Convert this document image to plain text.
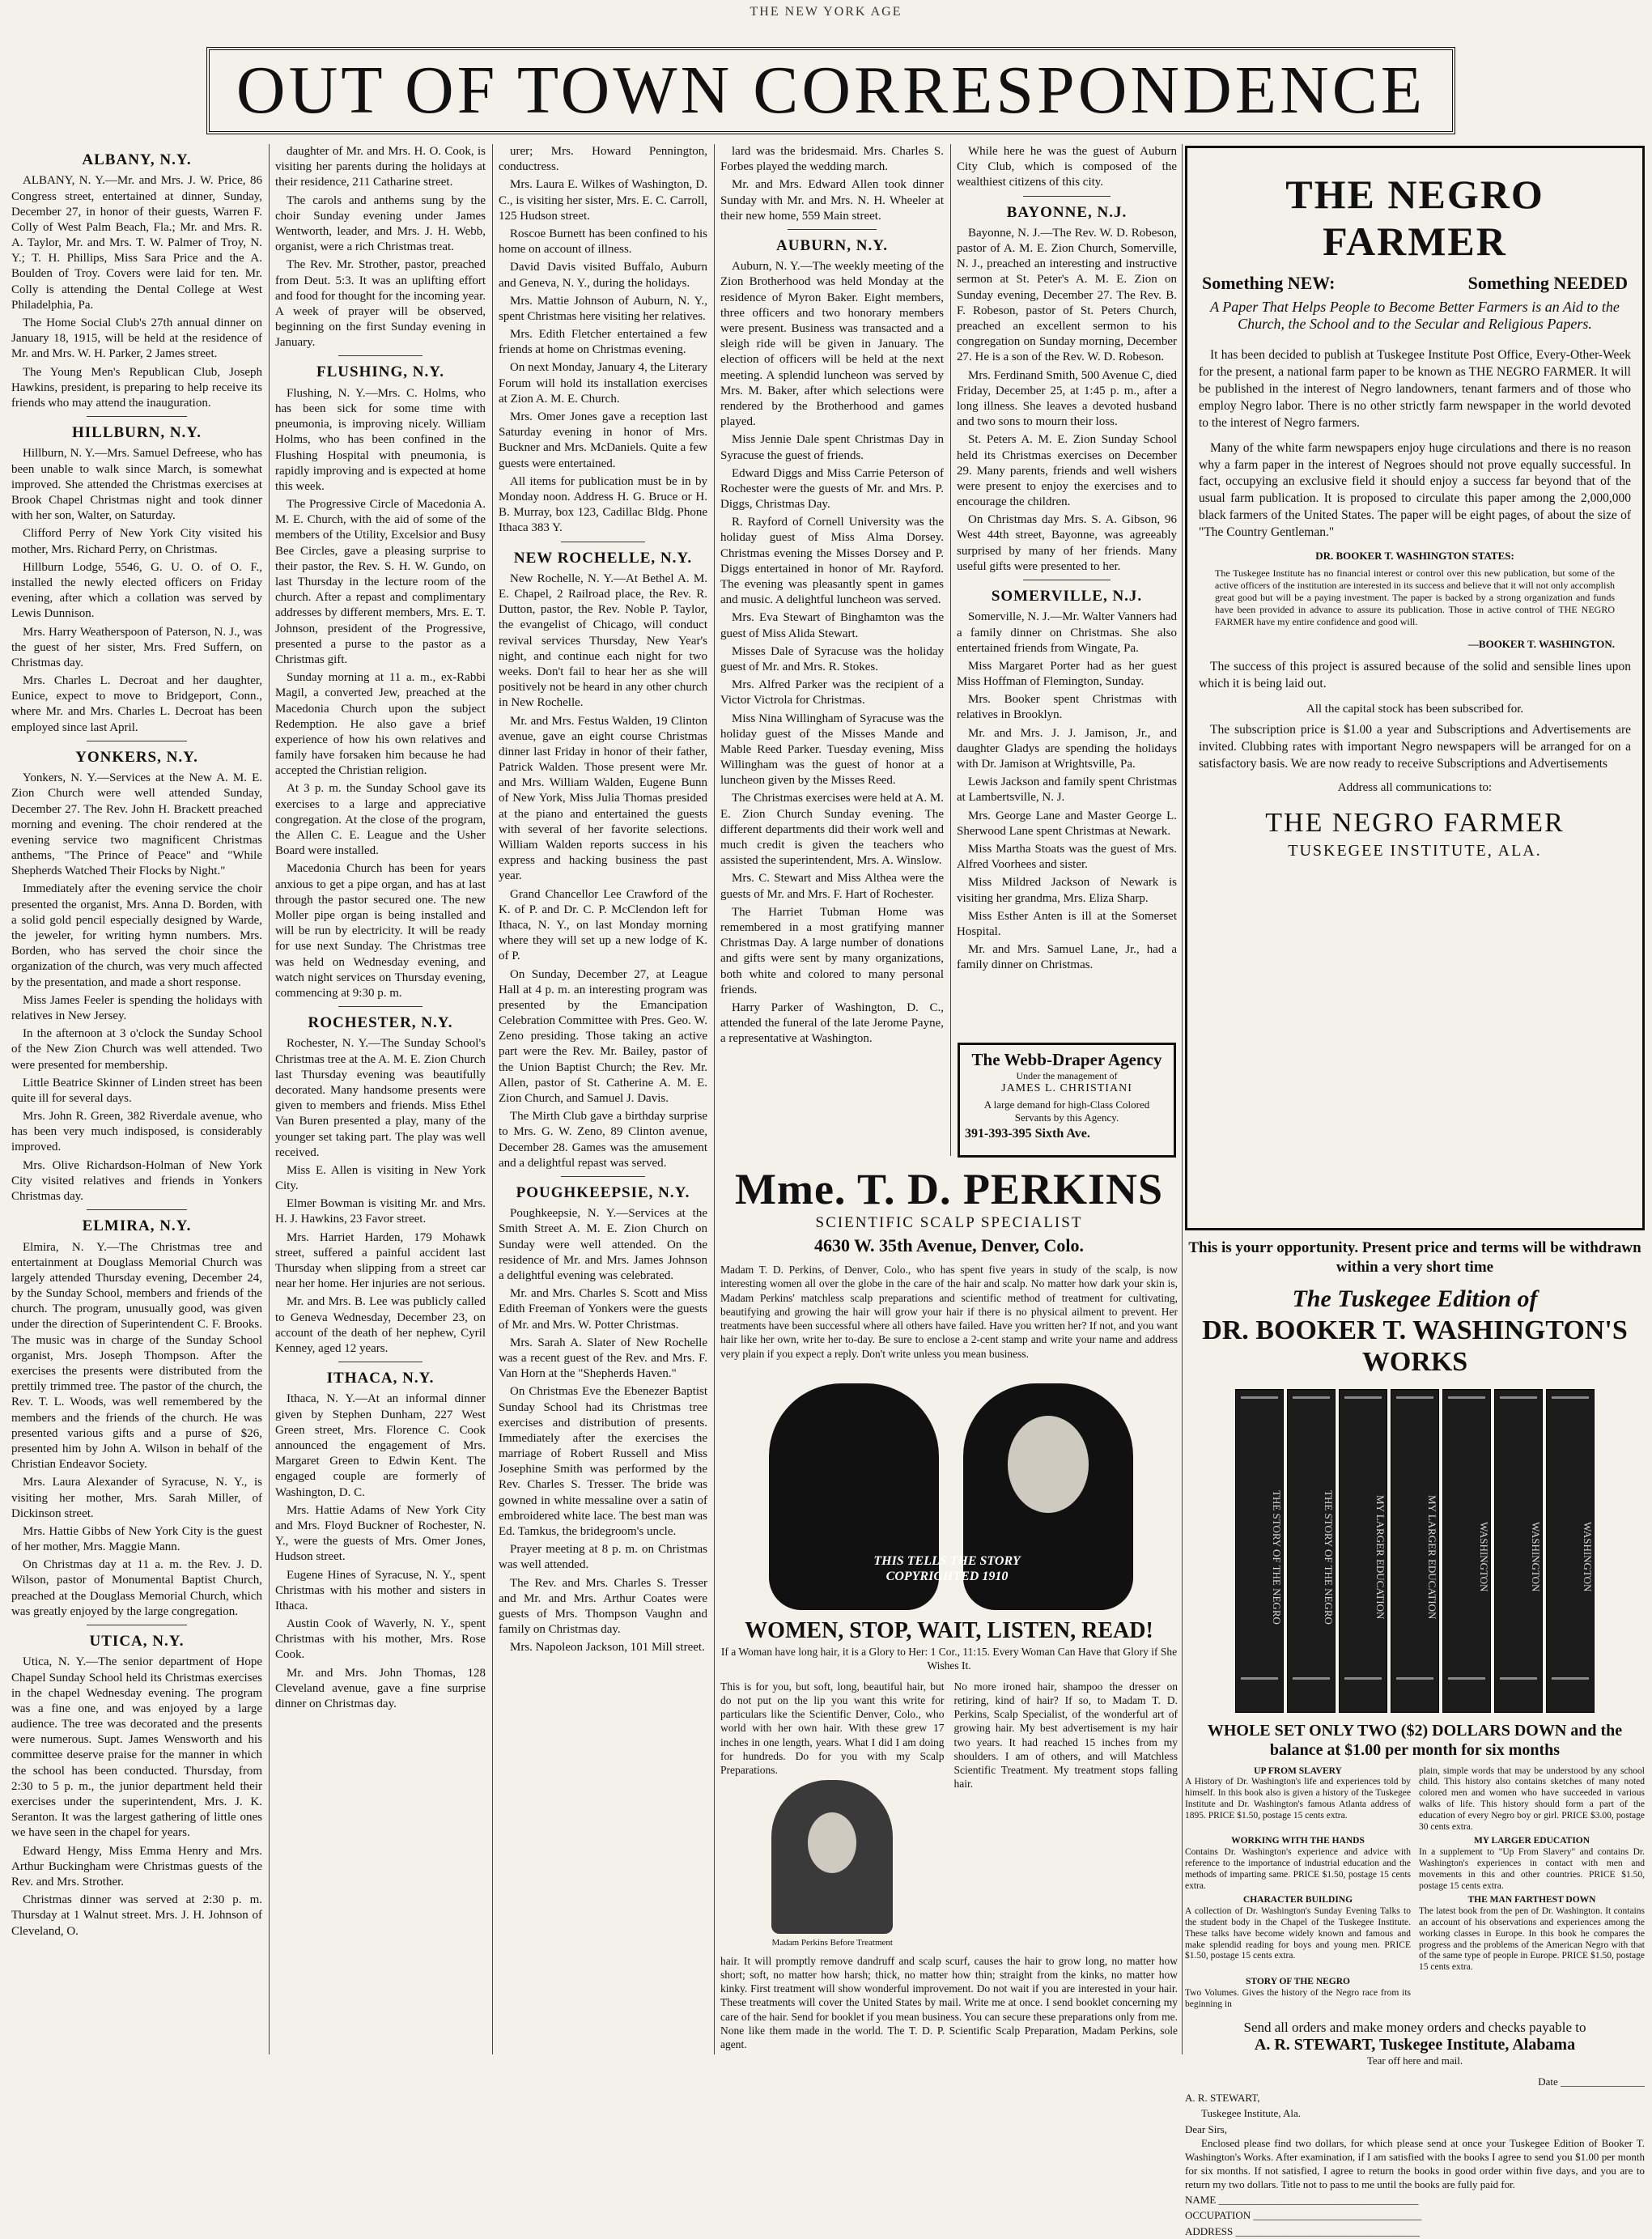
THE NEW YORK AGE
OUT OF TOWN CORRESPONDENCE
ALBANY, N.Y.

ALBANY, N. Y.—Mr. and Mrs. J. W. Price, 86 Congress street, entertained at dinner, Sunday, December 27, in honor of their guests, Warren F. Colly of West Palm Beach, Fla.; Mr. and Mrs. R. A. Taylor, Mr. and Mrs. T. W. Palmer of Troy, N. Y.; T. H. Phillips, Miss Sara Price and the A. Boulden of Troy. Covers were laid for ten. Mr. Colly is attending the Dental College at West Philadelphia, Pa.

The Home Social Club's 27th annual dinner on January 18, 1915, will be held at the residence of Mr. and Mrs. W. H. Parker, 2 James street.

The Young Men's Republican Club, Joseph Hawkins, president, is preparing to help receive its friends who may attend the inauguration.

HILLBURN, N.Y.

Hillburn, N. Y.—Mrs. Samuel Defreese, who has been unable to walk since March, is somewhat improved. She attended the Christmas exercises at Brook Chapel Christmas night and took dinner with her son, Walter, on Saturday.

Clifford Perry of New York City visited his mother, Mrs. Richard Perry, on Christmas.

Hillburn Lodge, 5546, G. U. O. of O. F., installed the newly elected officers on Friday evening, after which a collation was served by Lewis Dunnison.

Mrs. Harry Weatherspoon of Paterson, N. J., was the guest of her sister, Mrs. Fred Suffern, on Christmas day.

Mrs. Charles L. Decroat and her daughter, Eunice, expect to move to Bridgeport, Conn., where Mr. and Mrs. Charles L. Decroat has been employed since last April.

YONKERS, N.Y.

Yonkers, N. Y.—Services at the New A. M. E. Zion Church were well attended Sunday, December 27. The Rev. John H. Brackett preached morning and evening. The choir rendered at the evening service two magnificent Christmas anthems, "The Prince of Peace" and "While Shepherds Watched Their Flocks by Night."

Immediately after the evening service the choir presented the organist, Mrs. Anna D. Borden, with a solid gold pencil especially designed by Warde, the jeweler, for writing hymn numbers. Mrs. Borden, who has served the choir since the organization of the church, was very much affected by the presentation, and made a short response.

Miss James Feeler is spending the holidays with relatives in New Jersey.

In the afternoon at 3 o'clock the Sunday School of the New Zion Church was well attended. Two were presented for membership.

Little Beatrice Skinner of Linden street has been quite ill for several days.

Mrs. John R. Green, 382 Riverdale avenue, who has been very much indisposed, is considerably improved.

Mrs. Olive Richardson-Holman of New York City visited relatives and friends in Yonkers Christmas day.

ELMIRA, N.Y.

Elmira, N. Y.—The Christmas tree and entertainment at Douglass Memorial Church was largely attended Thursday evening, December 24, by the Sunday School, members and friends of the church. The program, unusually good, was given under the direction of Superintendent C. F. Brooks. The music was in charge of the Sunday School organist, Mrs. Joseph Thompson. After the exercises the presents were distributed from the prettily trimmed tree. The pastor of the church, the Rev. T. L. Woods, was well remembered by the members and the friends of the church. He was presented various gifts and a purse of $26, presented him by John A. Wilson in behalf of the Christian Endeavor Society.

Mrs. Laura Alexander of Syracuse, N. Y., is visiting her mother, Mrs. Sarah Miller, of Dickinson street.

Mrs. Hattie Gibbs of New York City is the guest of her mother, Mrs. Maggie Mann.

On Christmas day at 11 a. m. the Rev. J. D. Wilson, pastor of Monumental Baptist Church, preached at the Douglass Memorial Church, which was greatly enjoyed by the large congregation.

UTICA, N.Y.

Utica, N. Y.—The senior department of Hope Chapel Sunday School held its Christmas exercises in the chapel Wednesday evening. The program was a fine one, and was enjoyed by a large audience. The tree was decorated and the presents were numerous. Supt. James Wensworth and his committee deserve praise for the manner in which the school has been conducted. Thursday, from 2:30 to 5 p. m., the junior department held their exercises under the superintendent, Mrs. J. K. Seranton. It was the largest gathering of little ones we have seen in the chapel for years.

Edward Hengy, Miss Emma Henry and Mrs. Arthur Buckingham were Christmas guests of the Rev. and Mrs. Strother.

Christmas dinner was served at 2:30 p. m. Thursday at 1 Walnut street. Mrs. J. H. Johnson of Cleveland, O.

daughter of Mr. and Mrs. H. O. Cook, is visiting her parents during the holidays at their residence, 211 Catharine street.

The carols and anthems sung by the choir Sunday evening under James Wentworth, leader, and Mrs. J. H. Webb, organist, were a rich Christmas treat.

The Rev. Mr. Strother, pastor, preached from Deut. 5:3. It was an uplifting effort and food for thought for the incoming year. A week of prayer will be observed, beginning on the first Sunday evening in January.

FLUSHING, N.Y.

Flushing, N. Y.—Mrs. C. Holms, who has been sick for some time with pneumonia, is improving nicely. William Holms, who has been confined in the Flushing Hospital with pneumonia, is rapidly improving and is expected at home this week.

The Progressive Circle of Macedonia A. M. E. Church, with the aid of some of the members of the Utility, Excelsior and Busy Bee Circles, gave a pleasing surprise to their pastor, the Rev. S. H. W. Gundo, on last Thursday in the lecture room of the church. After a repast and complimentary addresses by different members, Mrs. E. T. Johnson, president of the Progressive, presented a purse to the pastor as a Christmas gift.

Sunday morning at 11 a. m., ex-Rabbi Magil, a converted Jew, preached at the Macedonia Church upon the subject Redemption. He also gave a brief experience of how his own relatives and family have forsaken him because he had accepted the Christian religion.

At 3 p. m. the Sunday School gave its exercises to a large and appreciative congregation. At the close of the program, the Allen C. E. League and the Usher Board were installed.

Macedonia Church has been for years anxious to get a pipe organ, and has at last through the pastor secured one. The new Moller pipe organ is being installed and will be run by electricity. It will be ready for use next Sunday. The Christmas tree was held on Wednesday evening, and watch night services on Thursday evening, commencing at 9:30 p. m.

ROCHESTER, N.Y.

Rochester, N. Y.—The Sunday School's Christmas tree at the A. M. E. Zion Church last Thursday evening was beautifully decorated. Many handsome presents were given to members and friends. Miss Ethel Van Buren presented a play, many of the younger set taking part. The play was well received.

Miss E. Allen is visiting in New York City.

Elmer Bowman is visiting Mr. and Mrs. H. J. Hawkins, 23 Favor street.

Mrs. Harriet Harden, 179 Mohawk street, suffered a painful accident last Thursday when slipping from a street car near her home. Her injuries are not serious.

Mr. and Mrs. B. Lee was publicly called to Geneva Wednesday, December 23, on account of the death of her nephew, Cyril Kenney, aged 12 years.

ITHACA, N.Y.

Ithaca, N. Y.—At an informal dinner given by Stephen Dunham, 227 West Green street, Mrs. Florence C. Cook announced the engagement of Mrs. Margaret Green to Edwin Kent. The engaged couple are formerly of Washington, D. C.

Mrs. Hattie Adams of New York City and Mrs. Floyd Buckner of Rochester, N. Y., were the guests of Mrs. Omer Jones, Hudson street.

Eugene Hines of Syracuse, N. Y., spent Christmas with his mother and sisters in Ithaca.

Austin Cook of Waverly, N. Y., spent Christmas with his mother, Mrs. Rose Cook.

Mr. and Mrs. John Thomas, 128 Cleveland avenue, gave a fine surprise dinner on Christmas day.

urer; Mrs. Howard Pennington, conductress.

Mrs. Laura E. Wilkes of Washington, D. C., is visiting her sister, Mrs. E. C. Carroll, 125 Hudson street.

Roscoe Burnett has been confined to his home on account of illness.

David Davis visited Buffalo, Auburn and Geneva, N. Y., during the holidays.

Mrs. Mattie Johnson of Auburn, N. Y., spent Christmas here visiting her relatives.

Mrs. Edith Fletcher entertained a few friends at home on Christmas evening.

On next Monday, January 4, the Literary Forum will hold its installation exercises at Zion A. M. E. Church.

Mrs. Omer Jones gave a reception last Saturday evening in honor of Mrs. Buckner and Mrs. McDaniels. Quite a few guests were entertained.

All items for publication must be in by Monday noon. Address H. G. Bruce or H. B. Murray, box 123, Cadillac Bldg. Phone Ithaca 383 Y.

NEW ROCHELLE, N.Y.

New Rochelle, N. Y.—At Bethel A. M. E. Chapel, 2 Railroad place, the Rev. R. Dutton, pastor, the Rev. Noble P. Taylor, the evangelist of Chicago, will conduct revival services Thursday, New Year's night, and continue each night for two weeks. Don't fail to hear her as she will positively not be heard in any other church in New Rochelle.

Mr. and Mrs. Festus Walden, 19 Clinton avenue, gave an eight course Christmas dinner last Friday in honor of their father, Patrick Walden. Those present were Mr. and Mrs. William Walden, Eugene Bunn of New York, Miss Julia Thomas presided at the piano and entertained the guests with several of her favorite selections. William Walden reports success in his express and hacking business the past year.

Grand Chancellor Lee Crawford of the K. of P. and Dr. C. P. McClendon left for Ithaca, N. Y., on last Monday morning where they will set up a new lodge of K. of P.

On Sunday, December 27, at League Hall at 4 p. m. an interesting program was presented by the Emancipation Celebration Committee with Pres. Geo. W. Zeno presiding. Those taking an active part were the Rev. Mr. Bailey, pastor of the Union Baptist Church; the Rev. Mr. Allen, pastor of St. Catherine A. M. E. Zion Church, and Samuel J. Davis.

The Mirth Club gave a birthday surprise to Mrs. G. W. Zeno, 89 Clinton avenue, December 28. Games was the amusement and a delightful repast was served.

POUGHKEEPSIE, N.Y.

Poughkeepsie, N. Y.—Services at the Smith Street A. M. E. Zion Church on Sunday were well attended. On the residence of Mr. and Mrs. James Johnson a delightful evening was celebrated.

Mr. and Mrs. Charles S. Scott and Miss Edith Freeman of Yonkers were the guests of Mr. and Mrs. W. Potter Christmas.

Mrs. Sarah A. Slater of New Rochelle was a recent guest of the Rev. and Mrs. F. Van Horn at the "Shepherds Haven."

On Christmas Eve the Ebenezer Baptist Sunday School had its Christmas tree exercises and distribution of presents. Immediately after the exercises the marriage of Robert Russell and Miss Josephine Smith was performed by the Rev. Charles S. Tresser. The bride was gowned in white messaline over a satin of embroidered white lace. The best man was Ed. Tamkus, the bridegroom's uncle.

Prayer meeting at 8 p. m. on Christmas was well attended.

The Rev. and Mrs. Charles S. Tresser and Mr. and Mrs. Arthur Coates were guests of Mrs. Thompson Vaughn and family on Christmas day.

Mrs. Napoleon Jackson, 101 Mill street.

lard was the bridesmaid. Mrs. Charles S. Forbes played the wedding march.

Mr. and Mrs. Edward Allen took dinner Sunday with Mr. and Mrs. N. H. Wheeler at their new home, 559 Main street.

AUBURN, N.Y.

Auburn, N. Y.—The weekly meeting of the Zion Brotherhood was held Monday at the residence of Myron Baker. Eight members, three officers and two honorary members were present. Business was transacted and a sleigh ride will be given in January. The election of officers will be held at the next meeting. A splendid luncheon was served by Mrs. M. Baker, after which selections were rendered by the Brotherhood and games played.

Miss Jennie Dale spent Christmas Day in Syracuse the guest of friends.

Edward Diggs and Miss Carrie Peterson of Rochester were the guests of Mr. and Mrs. P. Diggs, Christmas Day.

R. Rayford of Cornell University was the holiday guest of Miss Alma Dorsey. Christmas evening the Misses Dorsey and P. Diggs entertained in honor of Mr. Rayford. The evening was pleasantly spent in games and music. A delightful luncheon was served.

Mrs. Eva Stewart of Binghamton was the guest of Miss Alida Stewart.

Misses Dale of Syracuse was the holiday guest of Mr. and Mrs. R. Stokes.

Mrs. Alfred Parker was the recipient of a Victor Victrola for Christmas.

Miss Nina Willingham of Syracuse was the holiday guest of the Misses Mande and Mable Reed Parker. Tuesday evening, Miss Willingham was the guest of honor at a luncheon given by the Misses Reed.

The Christmas exercises were held at A. M. E. Zion Church Sunday evening. The different departments did their work well and much credit is given the teachers who assisted the superintendent, Mrs. A. Winslow.

Mrs. C. Stewart and Miss Althea were the guests of Mr. and Mrs. F. Hart of Rochester.

The Harriet Tubman Home was remembered in a most gratifying manner Christmas Day. A large number of donations and gifts were sent by many organizations, both white and colored to many personal friends.

Harry Parker of Washington, D. C., attended the funeral of the late Jerome Payne, a representative at Washington.

While here he was the guest of Auburn City Club, which is composed of the wealthiest citizens of this city.

BAYONNE, N.J.

Bayonne, N. J.—The Rev. W. D. Robeson, pastor of A. M. E. Zion Church, Somerville, N. J., preached an interesting and instructive sermon at St. Peter's A. M. E. Zion on Sunday evening, December 27. The Rev. B. F. Robeson, pastor of St. Peters Church, preached an excellent sermon to his congregation on Sunday morning, December 27. He is a son of the Rev. W. D. Robeson.

Mrs. Ferdinand Smith, 500 Avenue C, died Friday, December 25, at 1:45 p. m., after a long illness. She leaves a devoted husband and two sons to mourn their loss.

St. Peters A. M. E. Zion Sunday School held its Christmas exercises on December 29. Many parents, friends and well wishers were present to enjoy the exercises and to encourage the children.

On Christmas day Mrs. S. A. Gibson, 96 West 44th street, Bayonne, was agreeably surprised by many of her friends. Many useful gifts were presented to her.

SOMERVILLE, N.J.

Somerville, N. J.—Mr. Walter Vanners had a family dinner on Christmas. She also entertained friends from Wingate, Pa.

Miss Margaret Porter had as her guest Miss Hoffman of Flemington, Sunday.

Mrs. Booker spent Christmas with relatives in Brooklyn.

Mr. and Mrs. J. J. Jamison, Jr., and daughter Gladys are spending the holidays with Dr. Jamison at Wrightsville, Pa.

Lewis Jackson and family spent Christmas at Lambertsville, N. J.

Mrs. George Lane and Master George L. Sherwood Lane spent Christmas at Newark.

Miss Martha Stoats was the guest of Mrs. Alfred Voorhees and sister.

Miss Mildred Jackson of Newark is visiting her grandma, Mrs. Eliza Sharp.

Miss Esther Anten is ill at the Somerset Hospital.

Mr. and Mrs. Samuel Lane, Jr., had a family dinner on Christmas.

The Webb-Draper Agency
Under the management of
JAMES L. CHRISTIANI
A large demand for high-Class Colored Servants by this Agency.
391-393-395 Sixth Ave.
Mme. T. D. PERKINS
SCIENTIFIC SCALP SPECIALIST
4630 W. 35th Avenue, Denver, Colo.
Madam T. D. Perkins, of Denver, Colo., who has spent five years in study of the scalp, is now interesting women all over the globe in the care of the hair and scalp. No matter how dark your skin is, Madam Perkins' matchless scalp preparations and scientific method of treatment for cultivating, beautifying and growing the hair will grow your hair if there is no physical ailment to prevent. Her treatments have been successful where all others have failed. Have you written her? If not, and you want hair like her own, write her to-day. Be sure to enclose a 2-cent stamp and write your name and address very plain if you expect a reply. Don't write unless you mean business.
THIS TELLS THE STORY
COPYRIGHTED 1910
WOMEN, STOP, WAIT, LISTEN, READ!
If a Woman have long hair, it is a Glory to Her: 1 Cor., 11:15. Every Woman Can Have that Glory if She Wishes It.
This is for you, but soft, long, beautiful hair, but do not put on the lip you want this write for particulars like the Scientific Denver, Colo., who world with her own hair. With these grew 17 inches in one length, years. What I did I am doing for hundreds. Do for you with my Scalp Preparations.
Madam Perkins Before Treatment
No more ironed hair, shampoo the dresser on retiring, kind of hair? If so, to Madam T. D. Perkins, Scalp Specialist, of the wonderful art of growing hair. My best advertisement is my hair two years. It had reached 15 inches from my shoulders. I am of others, and will Matchless Scientific Treatment. My treatment stops falling hair.
hair. It will promptly remove dandruff and scalp scurf, causes the hair to grow long, no matter how short; soft, no matter how harsh; thick, no matter how thin; straight from the kinks, no matter how kinky. First treatment will show wonderful improvement. Do not wait if you are interested in your hair. These treatments will cover the United States by mail. Write me at once. I send booklet concerning my care of the hair. Send for booklet if you mean business. You can secure these preparations only from me. None like them made in the world. The T. D. P. Scientific Scalp Preparation, Madam Perkins, sole agent.
THE NEGRO FARMER
Something NEW:	Something NEEDED
A Paper That Helps People to Become Better Farmers is an Aid to the Church, the School and to the Secular and Religious Papers.

It has been decided to publish at Tuskegee Institute Post Office, Every-Other-Week for the present, a national farm paper to be known as THE NEGRO FARMER. It will be published in the interest of Negro landowners, tenant farmers and of those who employ Negro labor. There is no other strictly farm newspaper in the world devoted to the interest of Negro farmers.

Many of the white farm newspapers enjoy huge circulations and there is no reason why a farm paper in the interest of Negroes should not prove equally successful. In fact, occupying an exclusive field it should enjoy a success far beyond that of the usual farm publication. It is proposed to circulate this paper among the 2,000,000 black farmers of the United States. The paper will be eight pages, of about the size of "The Country Gentleman."

DR. BOOKER T. WASHINGTON STATES:
The Tuskegee Institute has no financial interest or control over this new publication, but some of the active officers of the institution are interested in its success and believe that it will not only accomplish great good but will be a paying investment. The paper is backed by a strong organization and funds have been provided in advance to assure its publication. Those in active control of THE NEGRO FARMER have my entire confidence and good will.
—BOOKER T. WASHINGTON.

The success of this project is assured because of the solid and sensible lines upon which it is being laid out.

All the capital stock has been subscribed for.

The subscription price is $1.00 a year and Subscriptions and Advertisements are invited. Clubbing rates with important Negro newspapers will be arranged for on a satisfactory basis. We are now ready to receive Subscriptions and Advertisements

Address all communications to:
THE NEGRO FARMER
TUSKEGEE INSTITUTE, ALA.
This is yourr opportunity. Present price and terms will be withdrawn within a very short time
The Tuskegee Edition of
DR. BOOKER T. WASHINGTON'S WORKS
THE STORY OF THE NEGRO	THE STORY OF THE NEGRO	MY LARGER EDUCATION	MY LARGER EDUCATION	WASHINGTON	WASHINGTON	WASHINGTON
WHOLE SET ONLY TWO ($2) DOLLARS DOWN and the balance at $1.00 per month for six months
UP FROM SLAVERY
A History of Dr. Washington's life and experiences told by himself. In this book also is given a history of the Tuskegee Institute and Dr. Washington's famous Atlanta address of 1895. PRICE $1.50, postage 15 cents extra.
plain, simple words that may be understood by any school child. This history also contains sketches of many noted colored men and women who have succeeded in various walks of life. This history should form a part of the education of every Negro boy or girl. PRICE $3.00, postage 30 cents extra.
WORKING WITH THE HANDS
Contains Dr. Washington's experience and advice with reference to the importance of industrial education and the methods of imparting same. PRICE $1.50, postage 15 cents extra.
MY LARGER EDUCATION
In a supplement to "Up From Slavery" and contains Dr. Washington's experiences in contact with men and movements in this and other countries. PRICE $1.50, postage 15 cents extra.
CHARACTER BUILDING
A collection of Dr. Washington's Sunday Evening Talks to the student body in the Chapel of the Tuskegee Institute. These talks have become widely known and famous and make splendid reading for boys and young men. PRICE $1.50, postage 15 cents extra.
THE MAN FARTHEST DOWN
The latest book from the pen of Dr. Washington. It contains an account of his observations and experiences among the working classes in Europe. In this book he compares the progress and the problems of the American Negro with that of the same type of people in Europe. PRICE $1.50, postage 15 cents extra.
STORY OF THE NEGRO
Two Volumes. Gives the history of the Negro race from its beginning in
Send all orders and make money orders and checks payable to
A. R. STEWART, Tuskegee Institute, Alabama
Tear off here and mail.
Date ________________
A. R. STEWART,
Tuskegee Institute, Ala.
Dear Sirs,
Enclosed please find two dollars, for which please send at once your Tuskegee Edition of Booker T. Washington's Works. After examination, if I am satisfied with the books I agree to send you $1.00 per month for six months. If not satisfied, I agree to return the books in good order within five days, and you are to return my two dollars. Title not to pass to me until the books are fully paid for.
NAME ______________________________________
OCCUPATION ________________________________
ADDRESS ___________________________________
